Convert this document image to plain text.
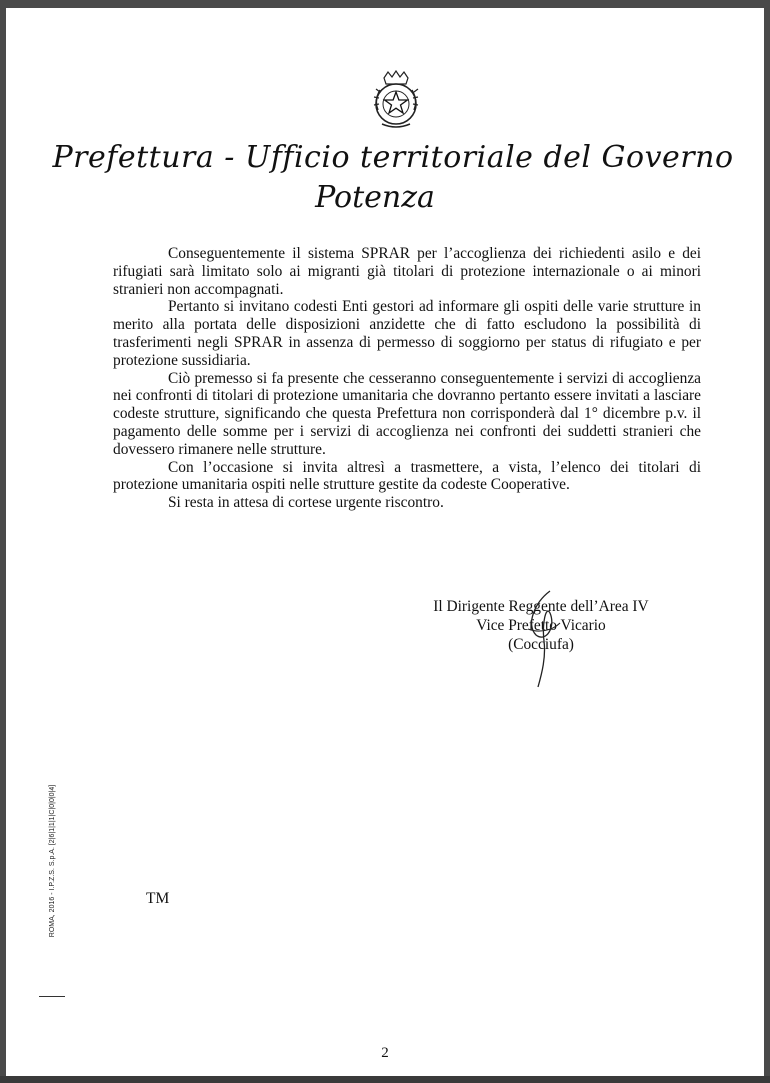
Prefettura - Ufficio territoriale del Governo
Potenza

Conseguentemente il sistema SPRAR per l’accoglienza dei richiedenti asilo e dei rifugiati sarà limitato solo ai migranti già titolari di protezione internazionale o ai minori stranieri non accompagnati.

Pertanto si invitano codesti Enti gestori ad informare gli ospiti delle varie strutture in merito alla portata delle disposizioni anzidette che di fatto escludono la possibilità di trasferimenti negli SPRAR in assenza di permesso di soggiorno per status di rifugiato e per protezione sussidiaria.

Ciò premesso si fa presente che cesseranno conseguentemente i servizi di accoglienza nei confronti di titolari di protezione umanitaria che dovranno pertanto essere invitati a lasciare codeste strutture, significando che questa Prefettura non corrisponderà dal 1° dicembre p.v. il pagamento delle somme per i servizi di accoglienza nei confronti dei suddetti stranieri che dovessero rimanere nelle strutture.

Con l’occasione si invita altresì a trasmettere, a vista, l’elenco dei titolari di protezione umanitaria ospiti nelle strutture gestite da codeste Cooperative.

Si resta in attesa di cortese urgente riscontro.

Il Dirigente Reggente dell’Area IV
Vice Prefetto Vicario
(Cocciufa)
ROMA, 2016 - I.P.Z.S. S.p.A. [2|6|1|1|1|C|0|0|0|4]	TM
2
